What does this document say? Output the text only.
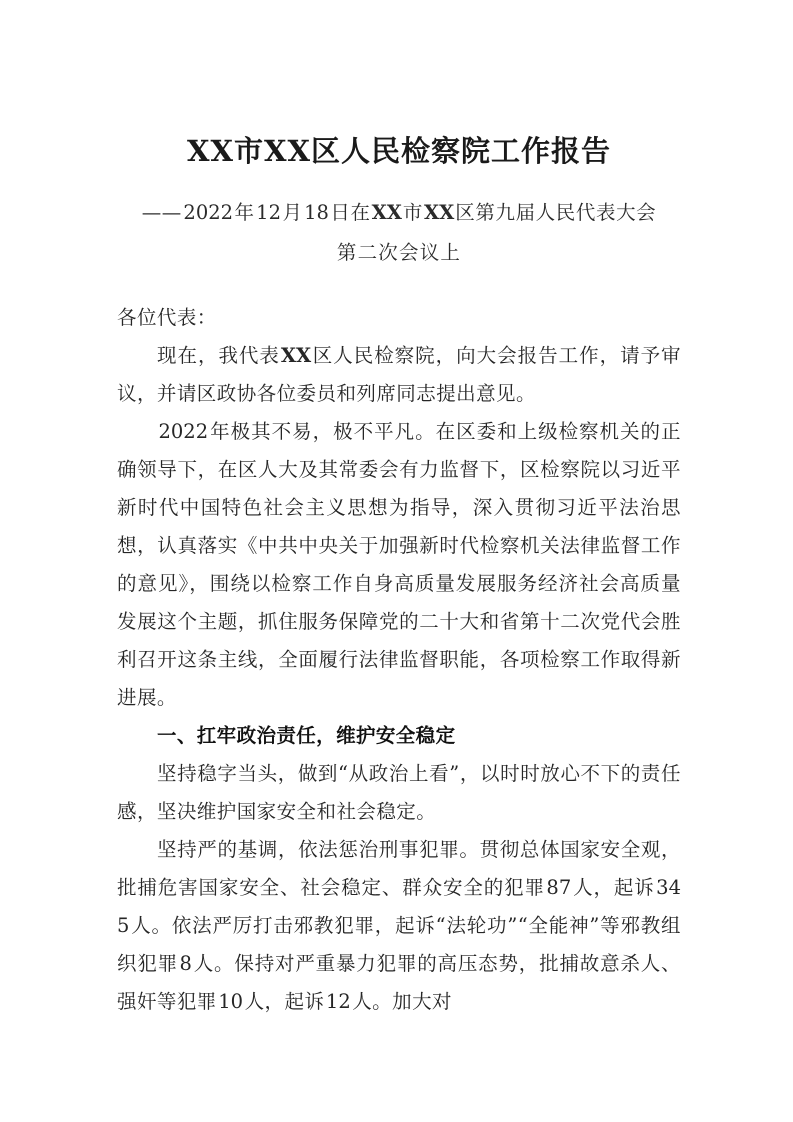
XX市XX区人民检察院工作报告
——2022年12月18日在XX市XX区第九届人民代表大会
第二次会议上

各位代表：

现在，我代表XX区人民检察院，向大会报告工作，请予审议，并请区政协各位委员和列席同志提出意见。

2022年极其不易，极不平凡。在区委和上级检察机关的正确领导下，在区人大及其常委会有力监督下，区检察院以习近平新时代中国特色社会主义思想为指导，深入贯彻习近平法治思想，认真落实《中共中央关于加强新时代检察机关法律监督工作的意见》，围绕以检察工作自身高质量发展服务经济社会高质量发展这个主题，抓住服务保障党的二十大和省第十二次党代会胜利召开这条主线，全面履行法律监督职能，各项检察工作取得新进展。

一、扛牢政治责任，维护安全稳定

坚持稳字当头，做到“从政治上看”，以时时放心不下的责任感，坚决维护国家安全和社会稳定。

坚持严的基调，依法惩治刑事犯罪。贯彻总体国家安全观，批捕危害国家安全、社会稳定、群众安全的犯罪87人，起诉345人。依法严厉打击邪教犯罪，起诉“法轮功”“全能神”等邪教组织犯罪8人。保持对严重暴力犯罪的高压态势，批捕故意杀人、强奸等犯罪10人，起诉12人。加大对
